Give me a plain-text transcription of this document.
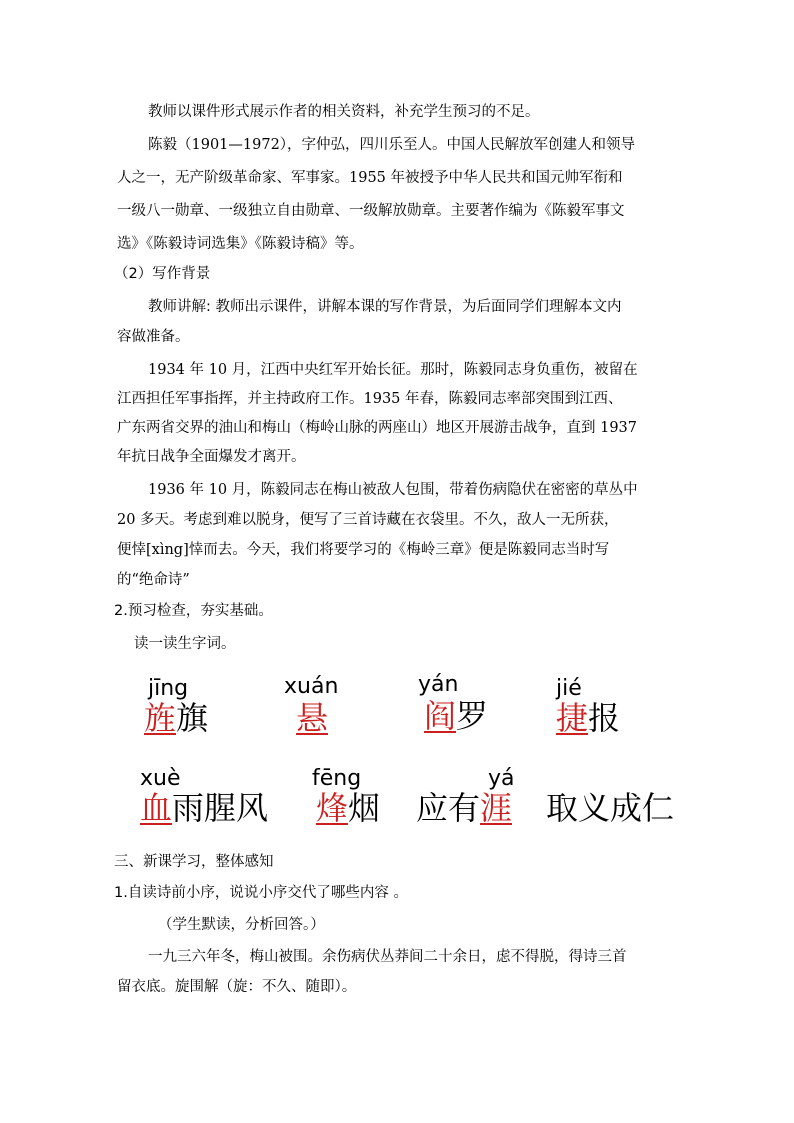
教师以课件形式展示作者的相关资料，补充学生预习的不足。
陈毅（1901—1972），字仲弘，四川乐至人。中国人民解放军创建人和领导
人之一，无产阶级革命家、军事家。1955 年被授予中华人民共和国元帅军衔和
一级八一勋章、一级独立自由勋章、一级解放勋章。主要著作编为《陈毅军事文
选》《陈毅诗词选集》《陈毅诗稿》等。
（2）写作背景
教师讲解: 教师出示课件，讲解本课的写作背景，为后面同学们理解本文内
容做准备。
1934 年 10 月，江西中央红军开始长征。那时，陈毅同志身负重伤，被留在
江西担任军事指挥，并主持政府工作。1935 年春，陈毅同志率部突围到江西、
广东两省交界的油山和梅山（梅岭山脉的两座山）地区开展游击战争，直到 1937
年抗日战争全面爆发才离开。
1936 年 10 月，陈毅同志在梅山被敌人包围，带着伤病隐伏在密密的草丛中
20 多天。考虑到难以脱身，便写了三首诗藏在衣袋里。不久，敌人一无所获，
便悻[xìng]悻而去。今天，我们将要学习的《梅岭三章》便是陈毅同志当时写
的“绝命诗”
2.预习检查，夯实基础。
读一读生字词。
jīng
旌旗
xuán
悬
yán
阎罗
jié
捷报
xuè
血雨腥风
fēng
烽烟
yá
应有涯 取义成仁
三、新课学习，整体感知
1.自读诗前小序，说说小序交代了哪些内容 。
（学生默读，分析回答。）
一九三六年冬，梅山被围。余伤病伏丛莽间二十余日，虑不得脱，得诗三首
留衣底。旋围解（旋：不久、随即）。
